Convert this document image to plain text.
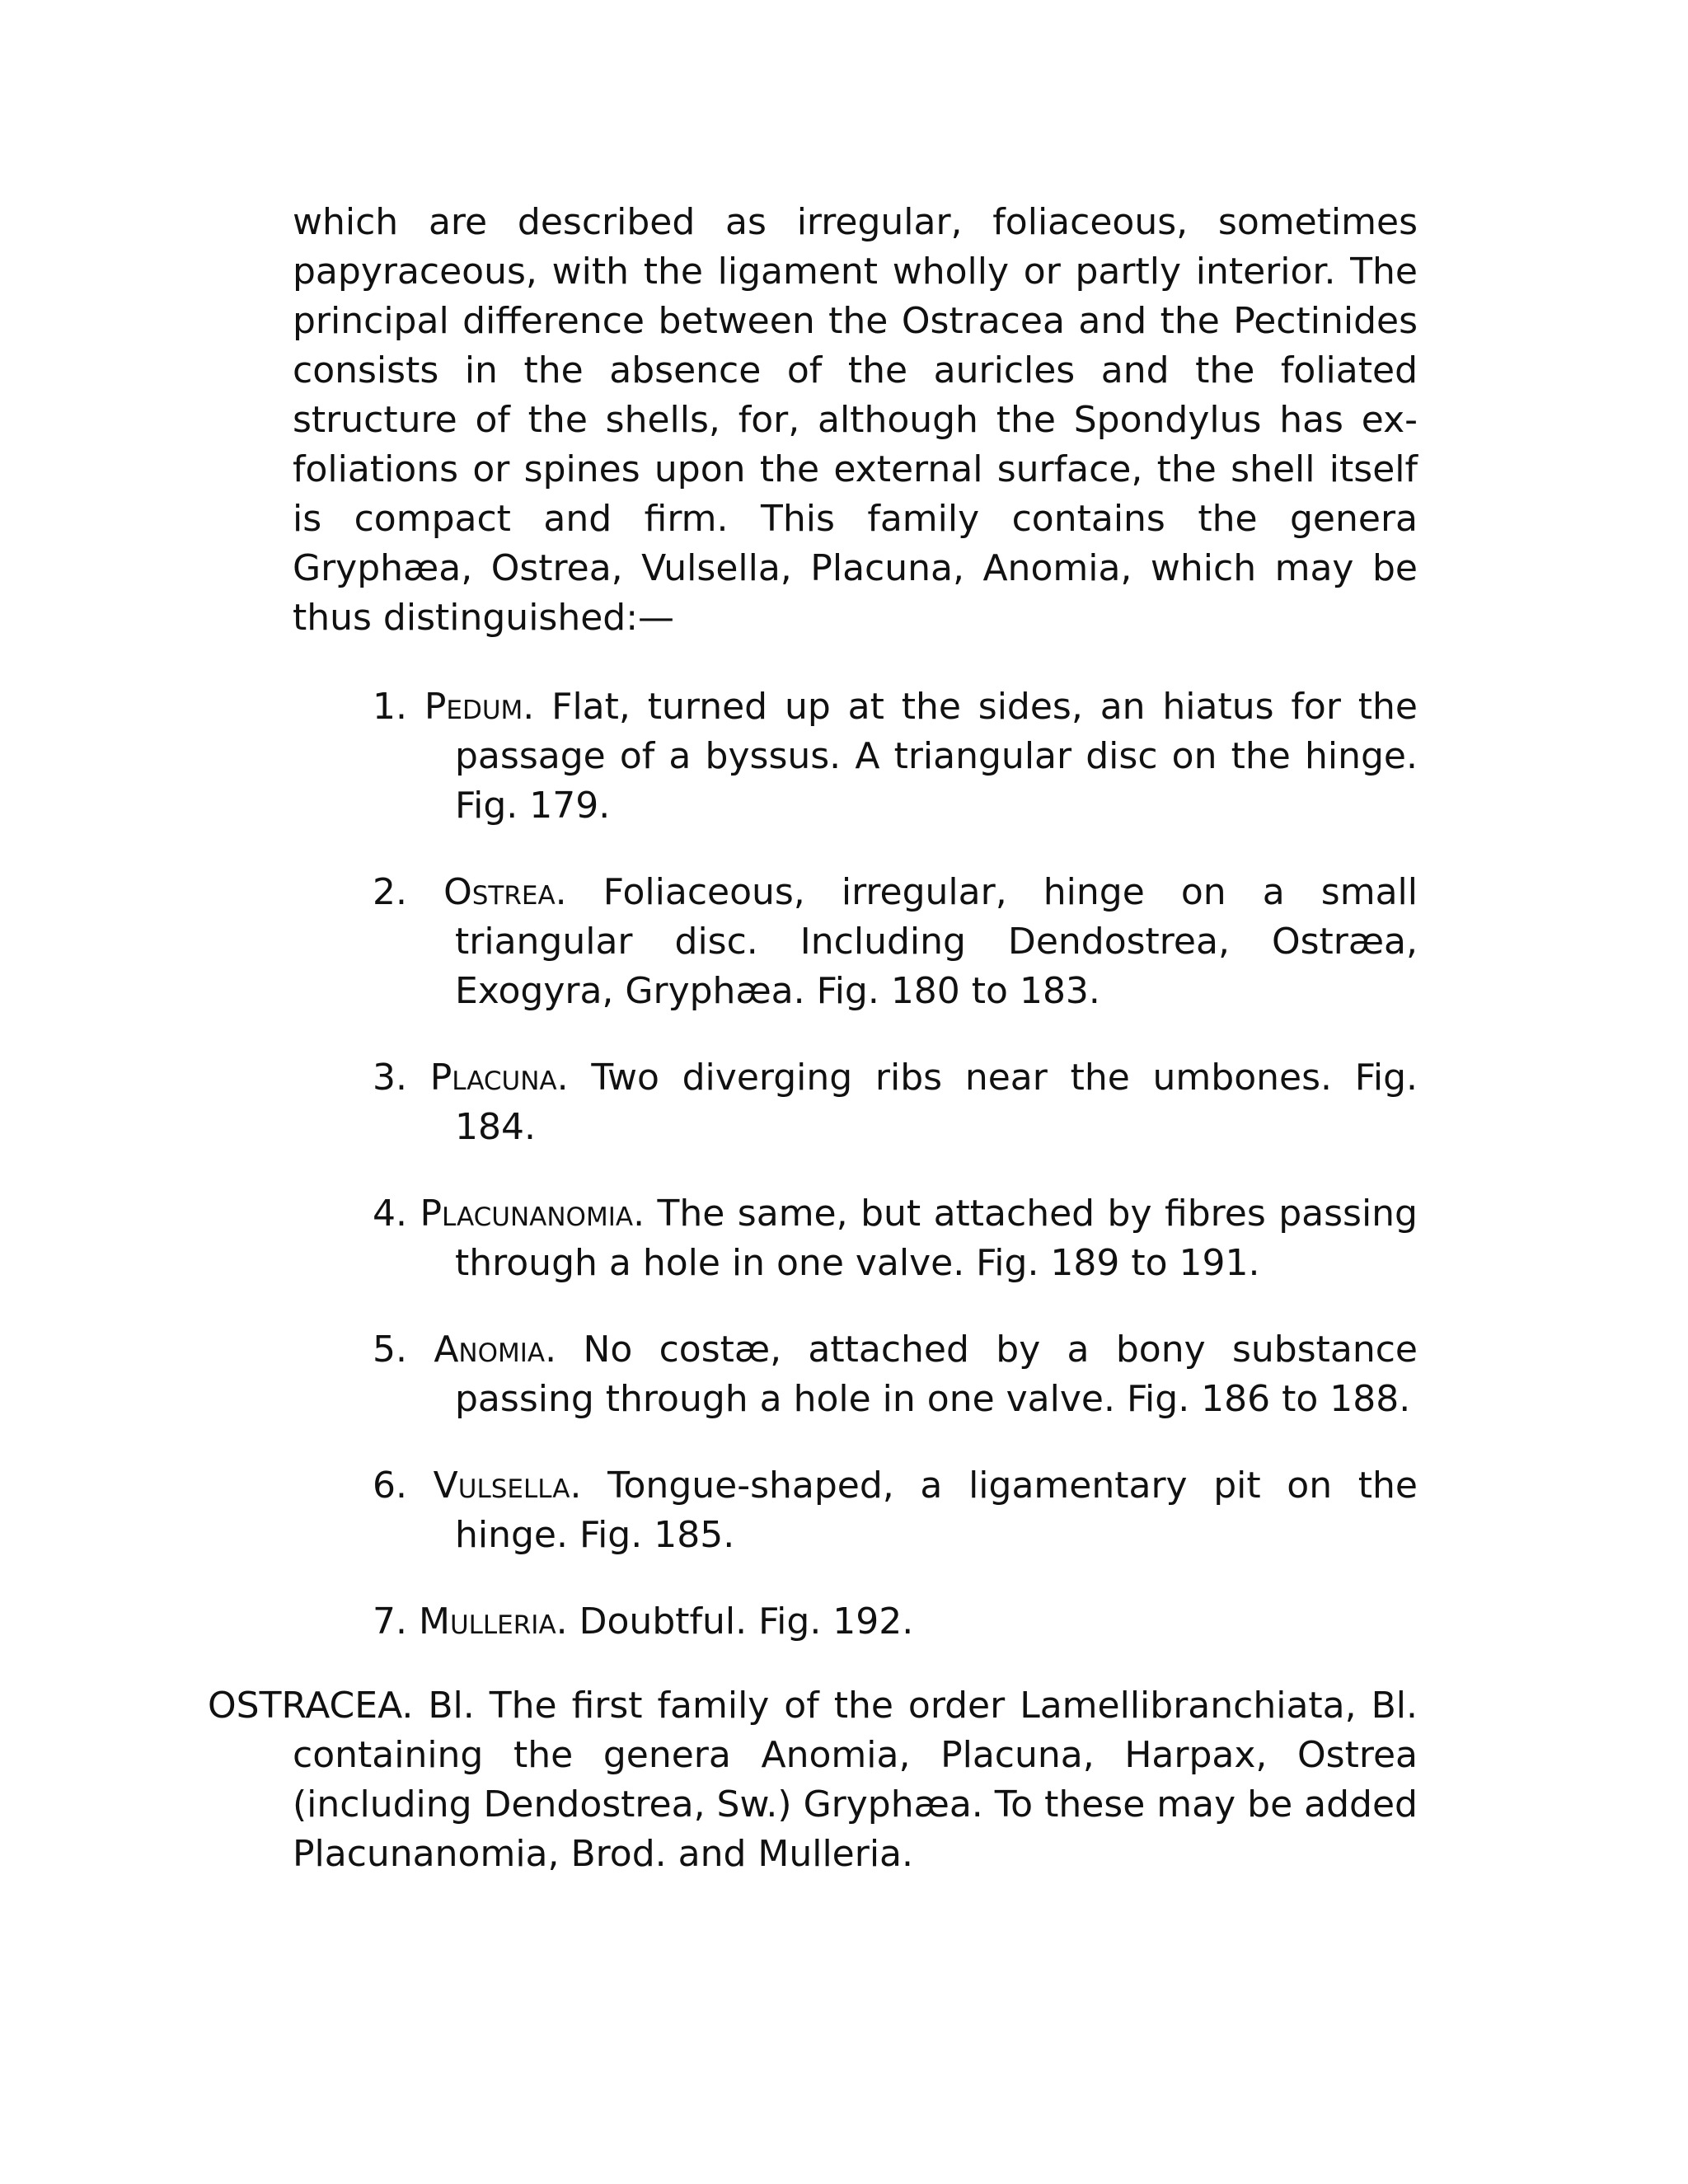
which are described as irregular, foliaceous, sometimes papyraceous, with the ligament wholly or partly interior. The principal difference between the Ostracea and the Pectinides consists in the absence of the auricles and the foliated structure of the shells, for, although the Spondylus has ex-foliations or spines upon the external surface, the shell itself is compact and firm. This family contains the genera Gryphæa, Ostrea, Vulsella, Placuna, Anomia, which may be thus distinguished:—

1. Pedum. Flat, turned up at the sides, an hiatus for the passage of a byssus. A triangular disc on the hinge. Fig. 179.
2. Ostrea. Foliaceous, irregular, hinge on a small triangular disc. Including Dendostrea, Ostræa, Exogyra, Gryphæa. Fig. 180 to 183.
3. Placuna. Two diverging ribs near the umbones. Fig. 184.
4. Placunanomia. The same, but attached by fibres passing through a hole in one valve. Fig. 189 to 191.
5. Anomia. No costæ, attached by a bony substance passing through a hole in one valve. Fig. 186 to 188.
6. Vulsella. Tongue-shaped, a ligamentary pit on the hinge. Fig. 185.
7. Mulleria. Doubtful. Fig. 192.

OSTRACEA. Bl. The first family of the order Lamellibranchiata, Bl. containing the genera Anomia, Placuna, Harpax, Ostrea (including Dendostrea, Sw.) Gryphæa. To these may be added Placunanomia, Brod. and Mulleria.
